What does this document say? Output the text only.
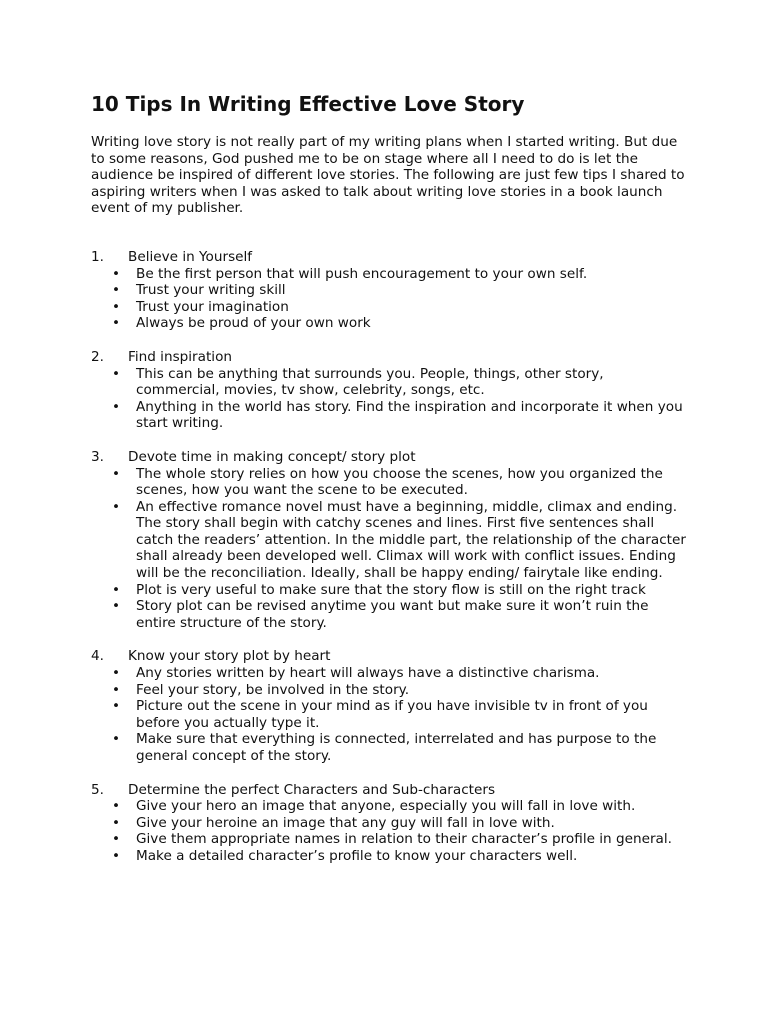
10 Tips In Writing Effective Love Story

Writing love story is not really part of my writing plans when I started writing. But due to some reasons, God pushed me to be on stage where all I need to do is let the audience be inspired of different love stories. The following are just few tips I shared to aspiring writers when I was asked to talk about writing love stories in a book launch event of my publisher.

1.	Believe in Yourself
• Be the first person that will push encouragement to your own self.
• Trust your writing skill
• Trust your imagination
• Always be proud of your own work
2.	Find inspiration
• This can be anything that surrounds you. People, things, other story, commercial, movies, tv show, celebrity, songs, etc.
• Anything in the world has story. Find the inspiration and incorporate it when you start writing.
3.	Devote time in making concept/ story plot
• The whole story relies on how you choose the scenes, how you organized the scenes, how you want the scene to be executed.
• An effective romance novel must have a beginning, middle, climax and ending. The story shall begin with catchy scenes and lines. First five sentences shall catch the readers’ attention. In the middle part, the relationship of the character shall already been developed well. Climax will work with conflict issues. Ending will be the reconciliation. Ideally, shall be happy ending/ fairytale like ending.
• Plot is very useful to make sure that the story flow is still on the right track
• Story plot can be revised anytime you want but make sure it won’t ruin the entire structure of the story.
4.	Know your story plot by heart
• Any stories written by heart will always have a distinctive charisma.
• Feel your story, be involved in the story.
• Picture out the scene in your mind as if you have invisible tv in front of you before you actually type it.
• Make sure that everything is connected, interrelated and has purpose to the general concept of the story.
5.	Determine the perfect Characters and Sub-characters
• Give your hero an image that anyone, especially you will fall in love with.
• Give your heroine an image that any guy will fall in love with.
• Give them appropriate names in relation to their character’s profile in general.
• Make a detailed character’s profile to know your characters well.
